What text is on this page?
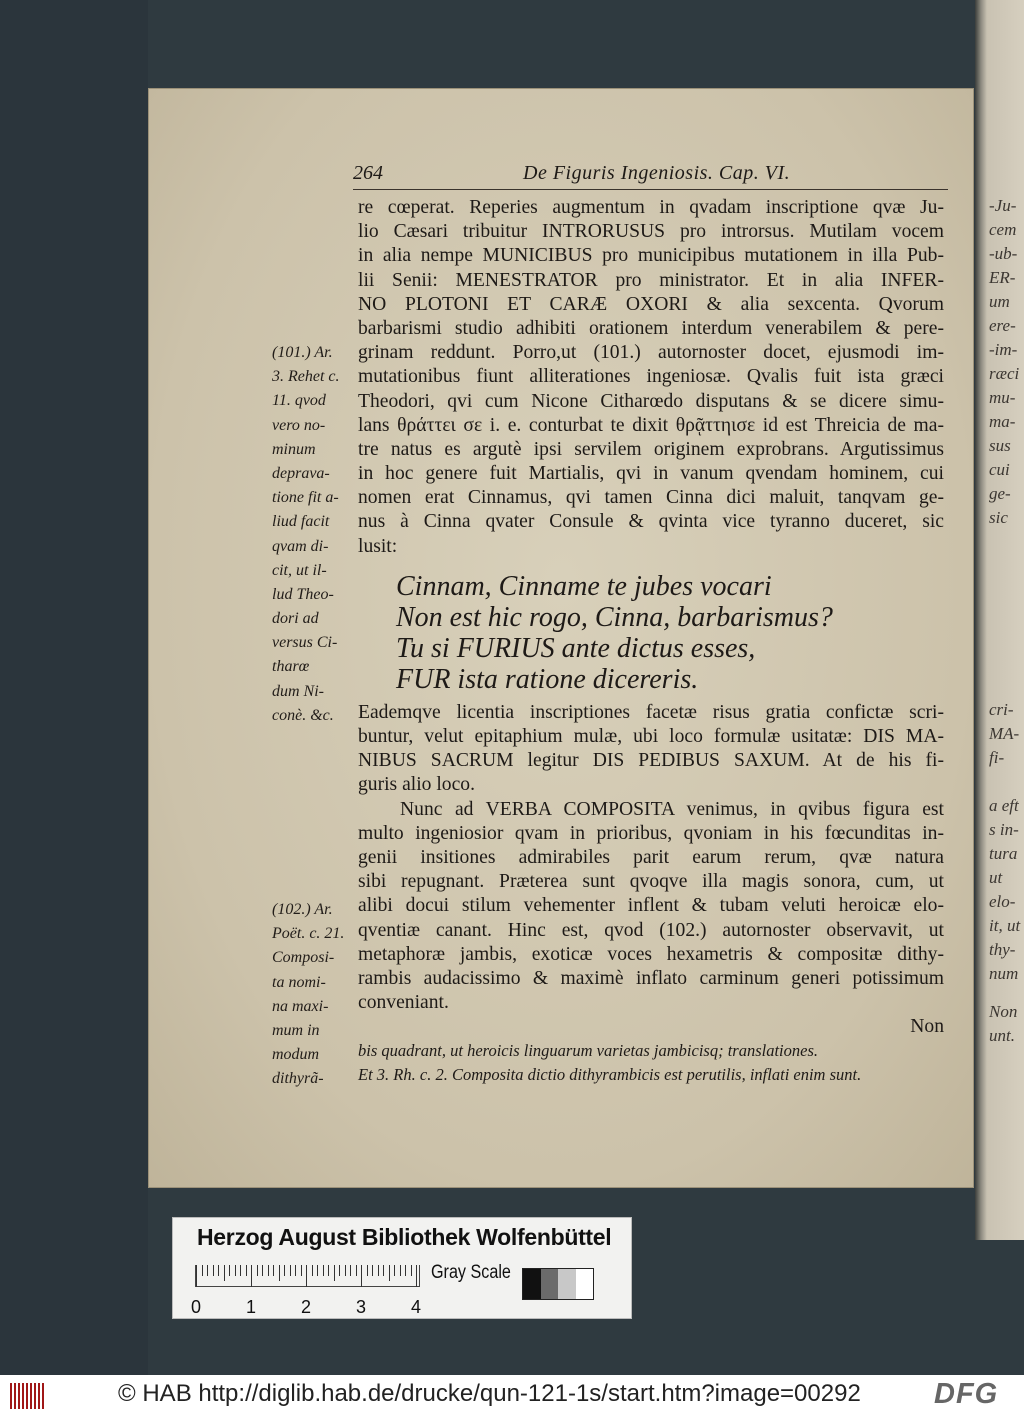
-Ju-
cem
-ub-
ER-
um
ere-
-im-
ræci
mu-
ma-
sus
cui
ge-
sic
cri-
MA-
fi-
a eft
s in-
tura
ut
elo-
it, ut
thy-
num
Non
unt.
264	De Figuris Ingeniosis. Cap. VI.
re cœperat. Reperies augmentum in qvadam inscriptione qvæ Ju-
lio Cæsari tribuitur INTRORUSUS pro introrsus. Mutilam vocem
in alia nempe MUNICIBUS pro municipibus mutationem in illa Pub-
lii Senii: MENESTRATOR pro ministrator. Et in alia INFER-
NO PLOTONI ET CARÆ OXORI & alia sexcenta. Qvorum
barbarismi studio adhibiti orationem interdum venerabilem & pere-
grinam reddunt. Porro,ut (101.) autornoster docet, ejusmodi im-
mutationibus fiunt alliterationes ingeniosæ. Qvalis fuit ista græci
Theodori, qvi cum Nicone Citharœdo disputans & se dicere simu-
lans θράττει σε i. e. conturbat te dixit θρᾷττηισε id est Threicia de ma-
tre natus es argutè ipsi servilem originem exprobrans. Argutissimus
in hoc genere fuit Martialis, qvi in vanum qvendam hominem, cui
nomen erat Cinnamus, qvi tamen Cinna dici maluit, tanqvam ge-
nus à Cinna qvater Consule & qvinta vice tyranno duceret, sic
lusit:
Cinnam, Cinname te jubes vocari
Non est hic rogo, Cinna, barbarismus?
Tu si FURIUS ante dictus esses,
FUR ista ratione dicereris.
Eademqve licentia inscriptiones facetæ risus gratia confictæ scri-
buntur, velut epitaphium mulæ, ubi loco formulæ usitatæ: DIS MA-
NIBUS SACRUM legitur DIS PEDIBUS SAXUM. At de his fi-
guris alio loco.
Nunc ad VERBA COMPOSITA venimus, in qvibus figura est
multo ingeniosior qvam in prioribus, qvoniam in his fœcunditas in-
genii insitiones admirabiles parit earum rerum, qvæ natura
sibi repugnant. Præterea sunt qvoqve illa magis sonora, cum, ut
alibi docui stilum vehementer inflent & tubam veluti heroicæ elo-
qventiæ canant. Hinc est, qvod (102.) autornoster observavit, ut
metaphoræ jambis, exoticæ voces hexametris & compositæ dithy-
rambis audacissimo & maximè inflato carminum generi potissimum
conveniant.
Non
bis quadrant, ut heroicis linguarum varietas jambicisq; translationes.
Et 3. Rh. c. 2. Composita dictio dithyrambicis est perutilis, inflati enim sunt.
(101.) Ar.
3. Rehet c.
11. qvod
vero no-
minum
deprava-
tione fit a-
liud facit
qvam di-
cit, ut il-
lud Theo-
dori ad
versus Ci-
tharœ
dum Ni-
conè. &c.
(102.) Ar.
Poët. c. 21.
Composi-
ta nomi-
na maxi-
mum in
modum
dithyrã-
Herzog August Bibliothek Wolfenbüttel
0 1 2 3 4
Gray Scale
© HAB http://diglib.hab.de/drucke/qun-121-1s/start.htm?image=00292	DFG
